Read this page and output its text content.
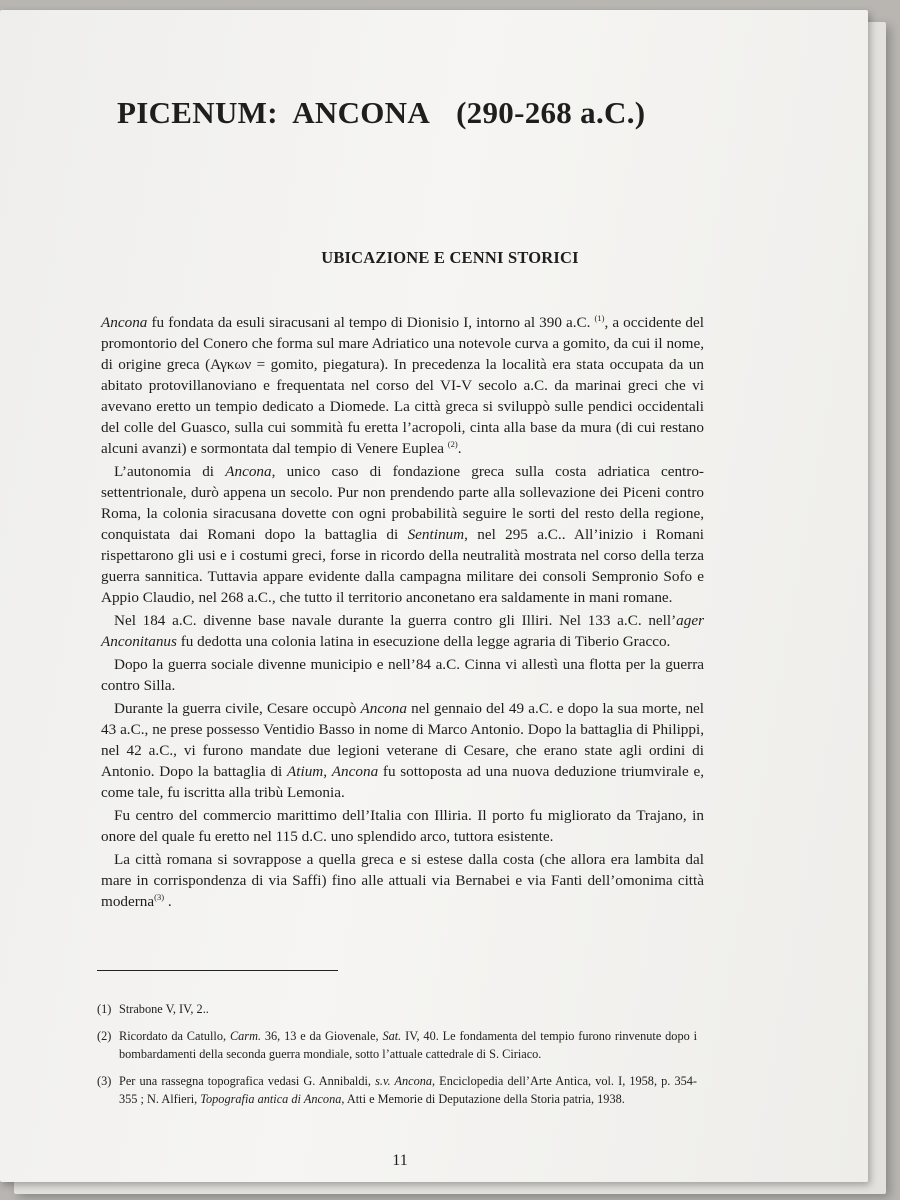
PICENUM:  ANCONA (290-268 a.C.)
UBICAZIONE E CENNI STORICI

Ancona fu fondata da esuli siracusani al tempo di Dionisio I, intorno al 390 a.C. $^{(1)}$, a occidente del promontorio del Conero che forma sul mare Adriatico una notevole curva a gomito, da cui il nome, di origine greca (Αγκων = gomito, piegatura). In precedenza la località era stata occupata da un abitato protovillanoviano e frequentata nel corso del VI-V secolo a.C. da marinai greci che vi avevano eretto un tempio dedicato a Diomede. La città greca si sviluppò sulle pendici occidentali del colle del Guasco, sulla cui sommità fu eretta l’acropoli, cinta alla base da mura (di cui restano alcuni avanzi) e sormontata dal tempio di Venere Euplea $^{(2)}$.

L’autonomia di Ancona, unico caso di fondazione greca sulla costa adriatica centro-settentrionale, durò appena un secolo. Pur non prendendo parte alla sollevazione dei Piceni contro Roma, la colonia siracusana dovette con ogni probabilità seguire le sorti del resto della regione, conquistata dai Romani dopo la battaglia di Sentinum, nel 295 a.C.. All’inizio i Romani rispettarono gli usi e i costumi greci, forse in ricordo della neutralità mostrata nel corso della terza guerra sannitica. Tuttavia appare evidente dalla campagna militare dei consoli Sempronio Sofo e Appio Claudio, nel 268 a.C., che tutto il territorio anconetano era saldamente in mani romane.

Nel 184 a.C. divenne base navale durante la guerra contro gli Illiri. Nel 133 a.C. nell’ager Anconitanus fu dedotta una colonia latina in esecuzione della legge agraria di Tiberio Gracco.

Dopo la guerra sociale divenne municipio e nell’84 a.C. Cinna vi allestì una flotta per la guerra contro Silla.

Durante la guerra civile, Cesare occupò Ancona nel gennaio del 49 a.C. e dopo la sua morte, nel 43 a.C., ne prese possesso Ventidio Basso in nome di Marco Antonio. Dopo la battaglia di Philippi, nel 42 a.C., vi furono mandate due legioni veterane di Cesare, che erano state agli ordini di Antonio. Dopo la battaglia di Atium, Ancona fu sottoposta ad una nuova deduzione triumvirale e, come tale, fu iscritta alla tribù Lemonia.

Fu centro del commercio marittimo dell’Italia con Illiria. Il porto fu migliorato da Trajano, in onore del quale fu eretto nel 115 d.C. uno splendido arco, tuttora esistente.

La città romana si sovrappose a quella greca e si estese dalla costa (che allora era lambita dal mare in corrispondenza di via Saffi) fino alle attuali via Bernabei e via Fanti dell’omonima città moderna$^{(3)}$ .

(1) Strabone V, IV, 2..
(2) Ricordato da Catullo, Carm. 36, 13 e da Giovenale, Sat. IV, 40. Le fondamenta del tempio furono rinvenute dopo i bombardamenti della seconda guerra mondiale, sotto l’attuale cattedrale di S. Ciriaco.
(3) Per una rassegna topografica vedasi G. Annibaldi, s.v. Ancona, Enciclopedia dell’Arte Antica, vol. I, 1958, p. 354-355 ; N. Alfieri, Topografia antica di Ancona, Atti e Memorie di Deputazione della Storia patria, 1938.
11
